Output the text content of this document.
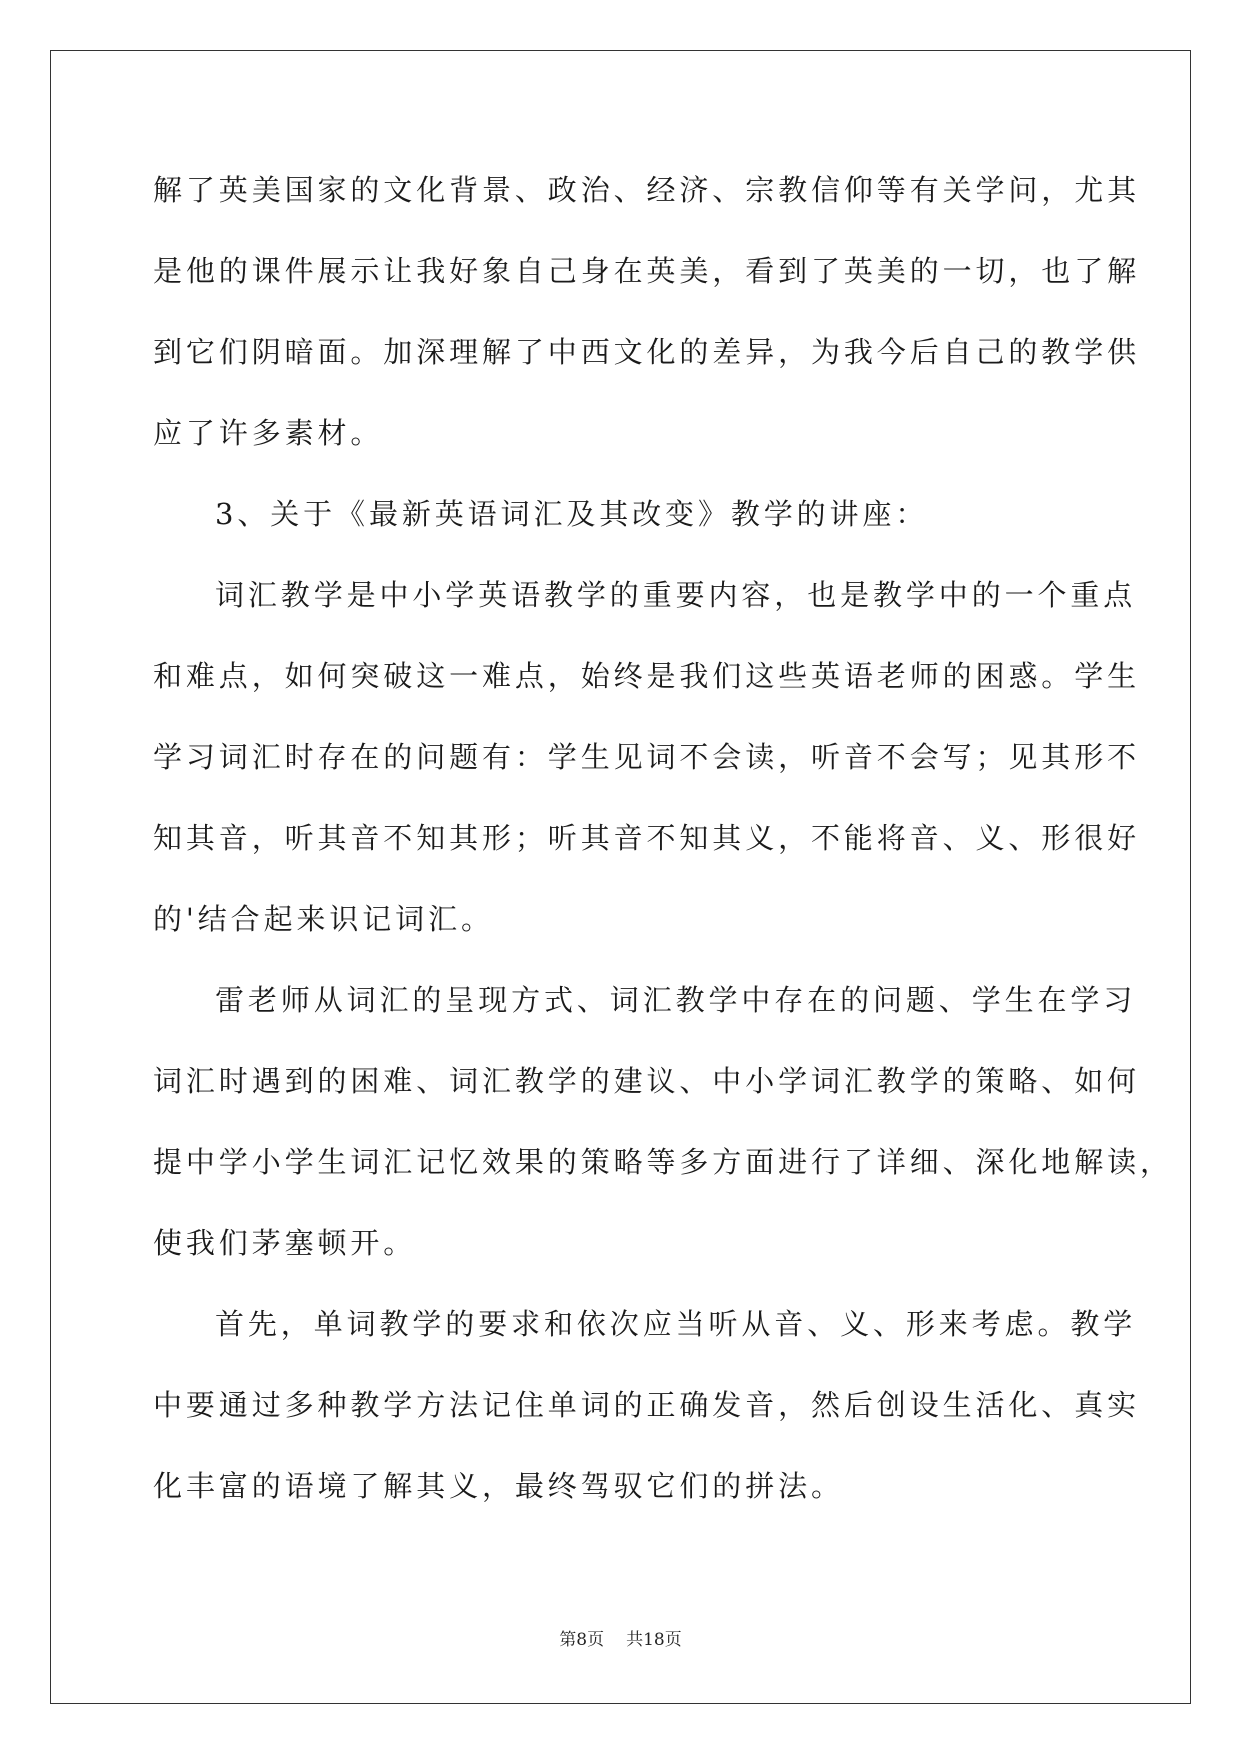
解了英美国家的文化背景、政治、经济、宗教信仰等有关学问，尤其
是他的课件展示让我好象自己身在英美，看到了英美的一切，也了解
到它们阴暗面。加深理解了中西文化的差异，为我今后自己的教学供
应了许多素材。
3、关于《最新英语词汇及其改变》教学的讲座：
词汇教学是中小学英语教学的重要内容，也是教学中的一个重点
和难点，如何突破这一难点，始终是我们这些英语老师的困惑。学生
学习词汇时存在的问题有：学生见词不会读，听音不会写；见其形不
知其音，听其音不知其形；听其音不知其义，不能将音、义、形很好
的'结合起来识记词汇。
雷老师从词汇的呈现方式、词汇教学中存在的问题、学生在学习
词汇时遇到的困难、词汇教学的建议、中小学词汇教学的策略、如何
提中学小学生词汇记忆效果的策略等多方面进行了详细、深化地解读，
使我们茅塞顿开。
首先，单词教学的要求和依次应当听从音、义、形来考虑。教学
中要通过多种教学方法记住单词的正确发音，然后创设生活化、真实
化丰富的语境了解其义，最终驾驭它们的拼法。
第8页 共18页
